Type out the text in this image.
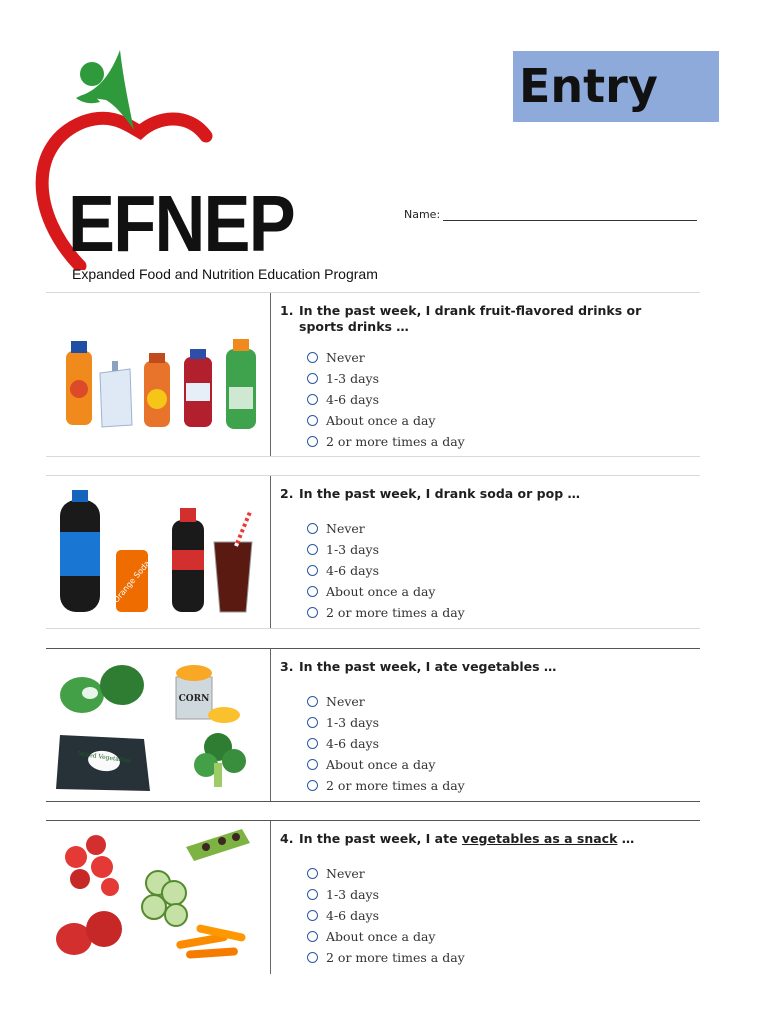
EFNEP
Expanded Food and Nutrition Education Program
Entry
Name:

1. In the past week, I drank fruit-flavored drinks or sports drinks …

Never
1-3 days
4-6 days
About once a day
2 or more times a day
Orange Soda

2. In the past week, I drank soda or pop …

Never
1-3 days
4-6 days
About once a day
2 or more times a day
CORN
Mixed Vegetables

3. In the past week, I ate vegetables …

Never
1-3 days
4-6 days
About once a day
2 or more times a day

4. In the past week, I ate vegetables as a snack …

Never
1-3 days
4-6 days
About once a day
2 or more times a day
